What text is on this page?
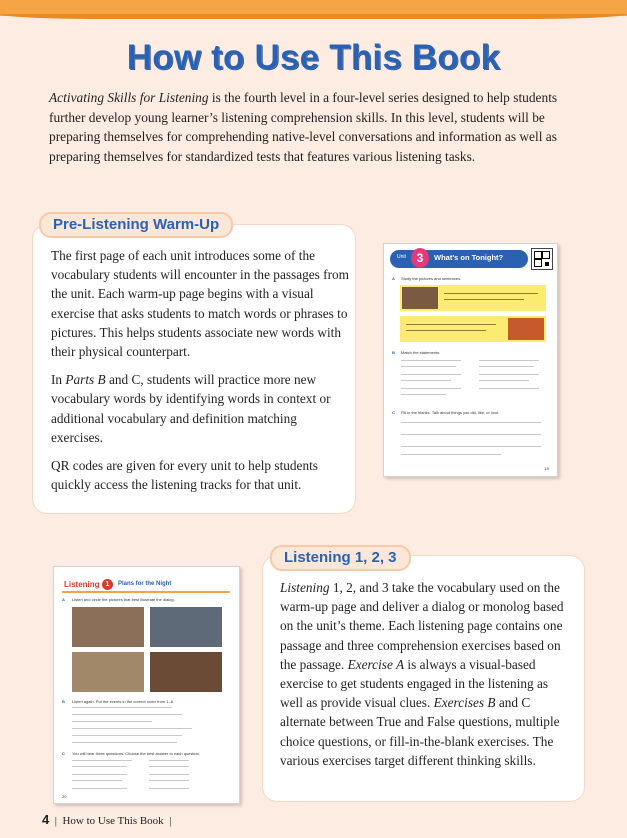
How to Use This Book
Activating Skills for Listening is the fourth level in a four-level series designed to help students further develop young learner’s listening comprehension skills. In this level, students will be preparing themselves for comprehending native-level conversations and information as well as preparing themselves for standardized tests that features various listening tasks.
Pre-Listening Warm-Up

The first page of each unit introduces some of the vocabulary students will encounter in the passages from the unit. Each warm-up page begins with a visual exercise that asks students to match words or phrases to pictures. This helps students associate new words with their physical counterpart.

In Parts B and C, students will practice more new vocabulary words by identifying words in context or additional vocabulary and definition matching exercises.

QR codes are given for every unit to help students quickly access the listening tracks for that unit.

Unit 3	What's on Tonight?
A Study the pictures and sentences.
B Match the statements.
C Fill in the blanks. Talk about things you did, like, or love.
19
Listening 1, 2, 3
Listening 1, 2, and 3 take the vocabulary used on the warm-up page and deliver a dialog or monolog based on the unit’s theme. Each listening page contains one passage and three comprehension exercises based on the passage. Exercise A is always a visual-based exercise to get students engaged in the listening as well as provide visual clues. Exercises B and C alternate between True and False questions, multiple choice questions, or fill-in-the-blank exercises. The various exercises target different thinking skills.
Listening 1	Plans for the Night
A Listen and circle the pictures that best illustrate the dialog.
B Listen again. Put the events in the correct order from 1–6.
C You will hear three questions. Choose the best answer to each question.
20
4 | How to Use This Book |
